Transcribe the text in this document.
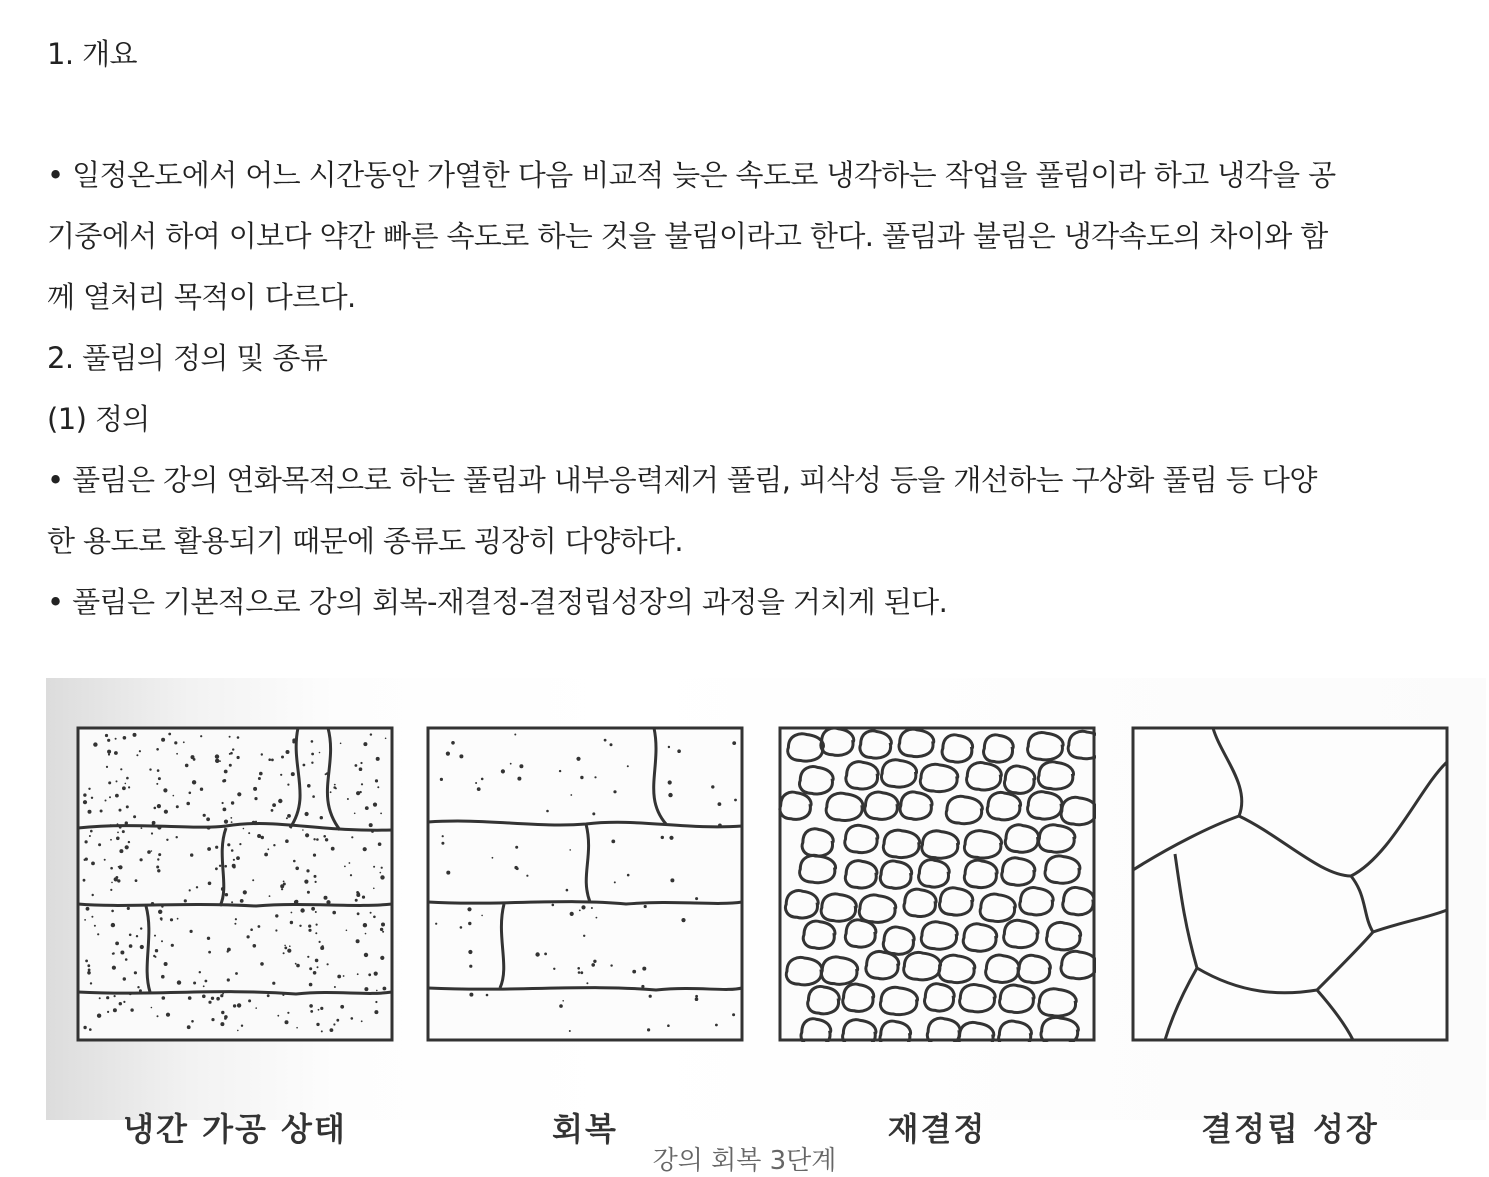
1. 개요

• 일정온도에서 어느 시간동안 가열한 다음 비교적 늦은 속도로 냉각하는 작업을 풀림이라 하고 냉각을 공

기중에서 하여 이보다 약간 빠른 속도로 하는 것을 불림이라고 한다. 풀림과 불림은 냉각속도의 차이와 함

께 열처리 목적이 다르다.

2. 풀림의 정의 및 종류

(1) 정의

• 풀림은 강의 연화목적으로 하는 풀림과 내부응력제거 풀림, 피삭성 등을 개선하는 구상화 풀림 등 다양

한 용도로 활용되기 때문에 종류도 굉장히 다양하다.

• 풀림은 기본적으로 강의 회복-재결정-결정립성장의 과정을 거치게 된다.

냉간 가공 상태	회복	재결정	결정립 성장
강의 회복 3단계
